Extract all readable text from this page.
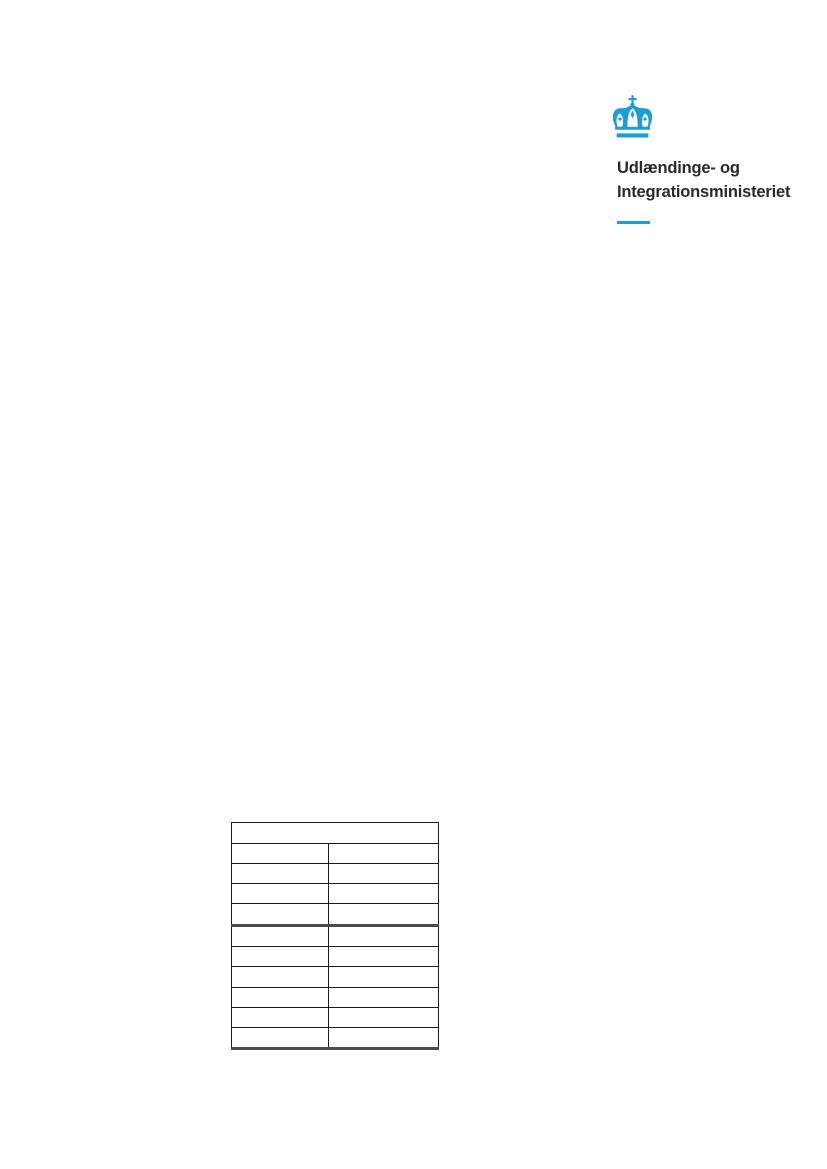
Udlændinge- og
Integrationsministeriet
